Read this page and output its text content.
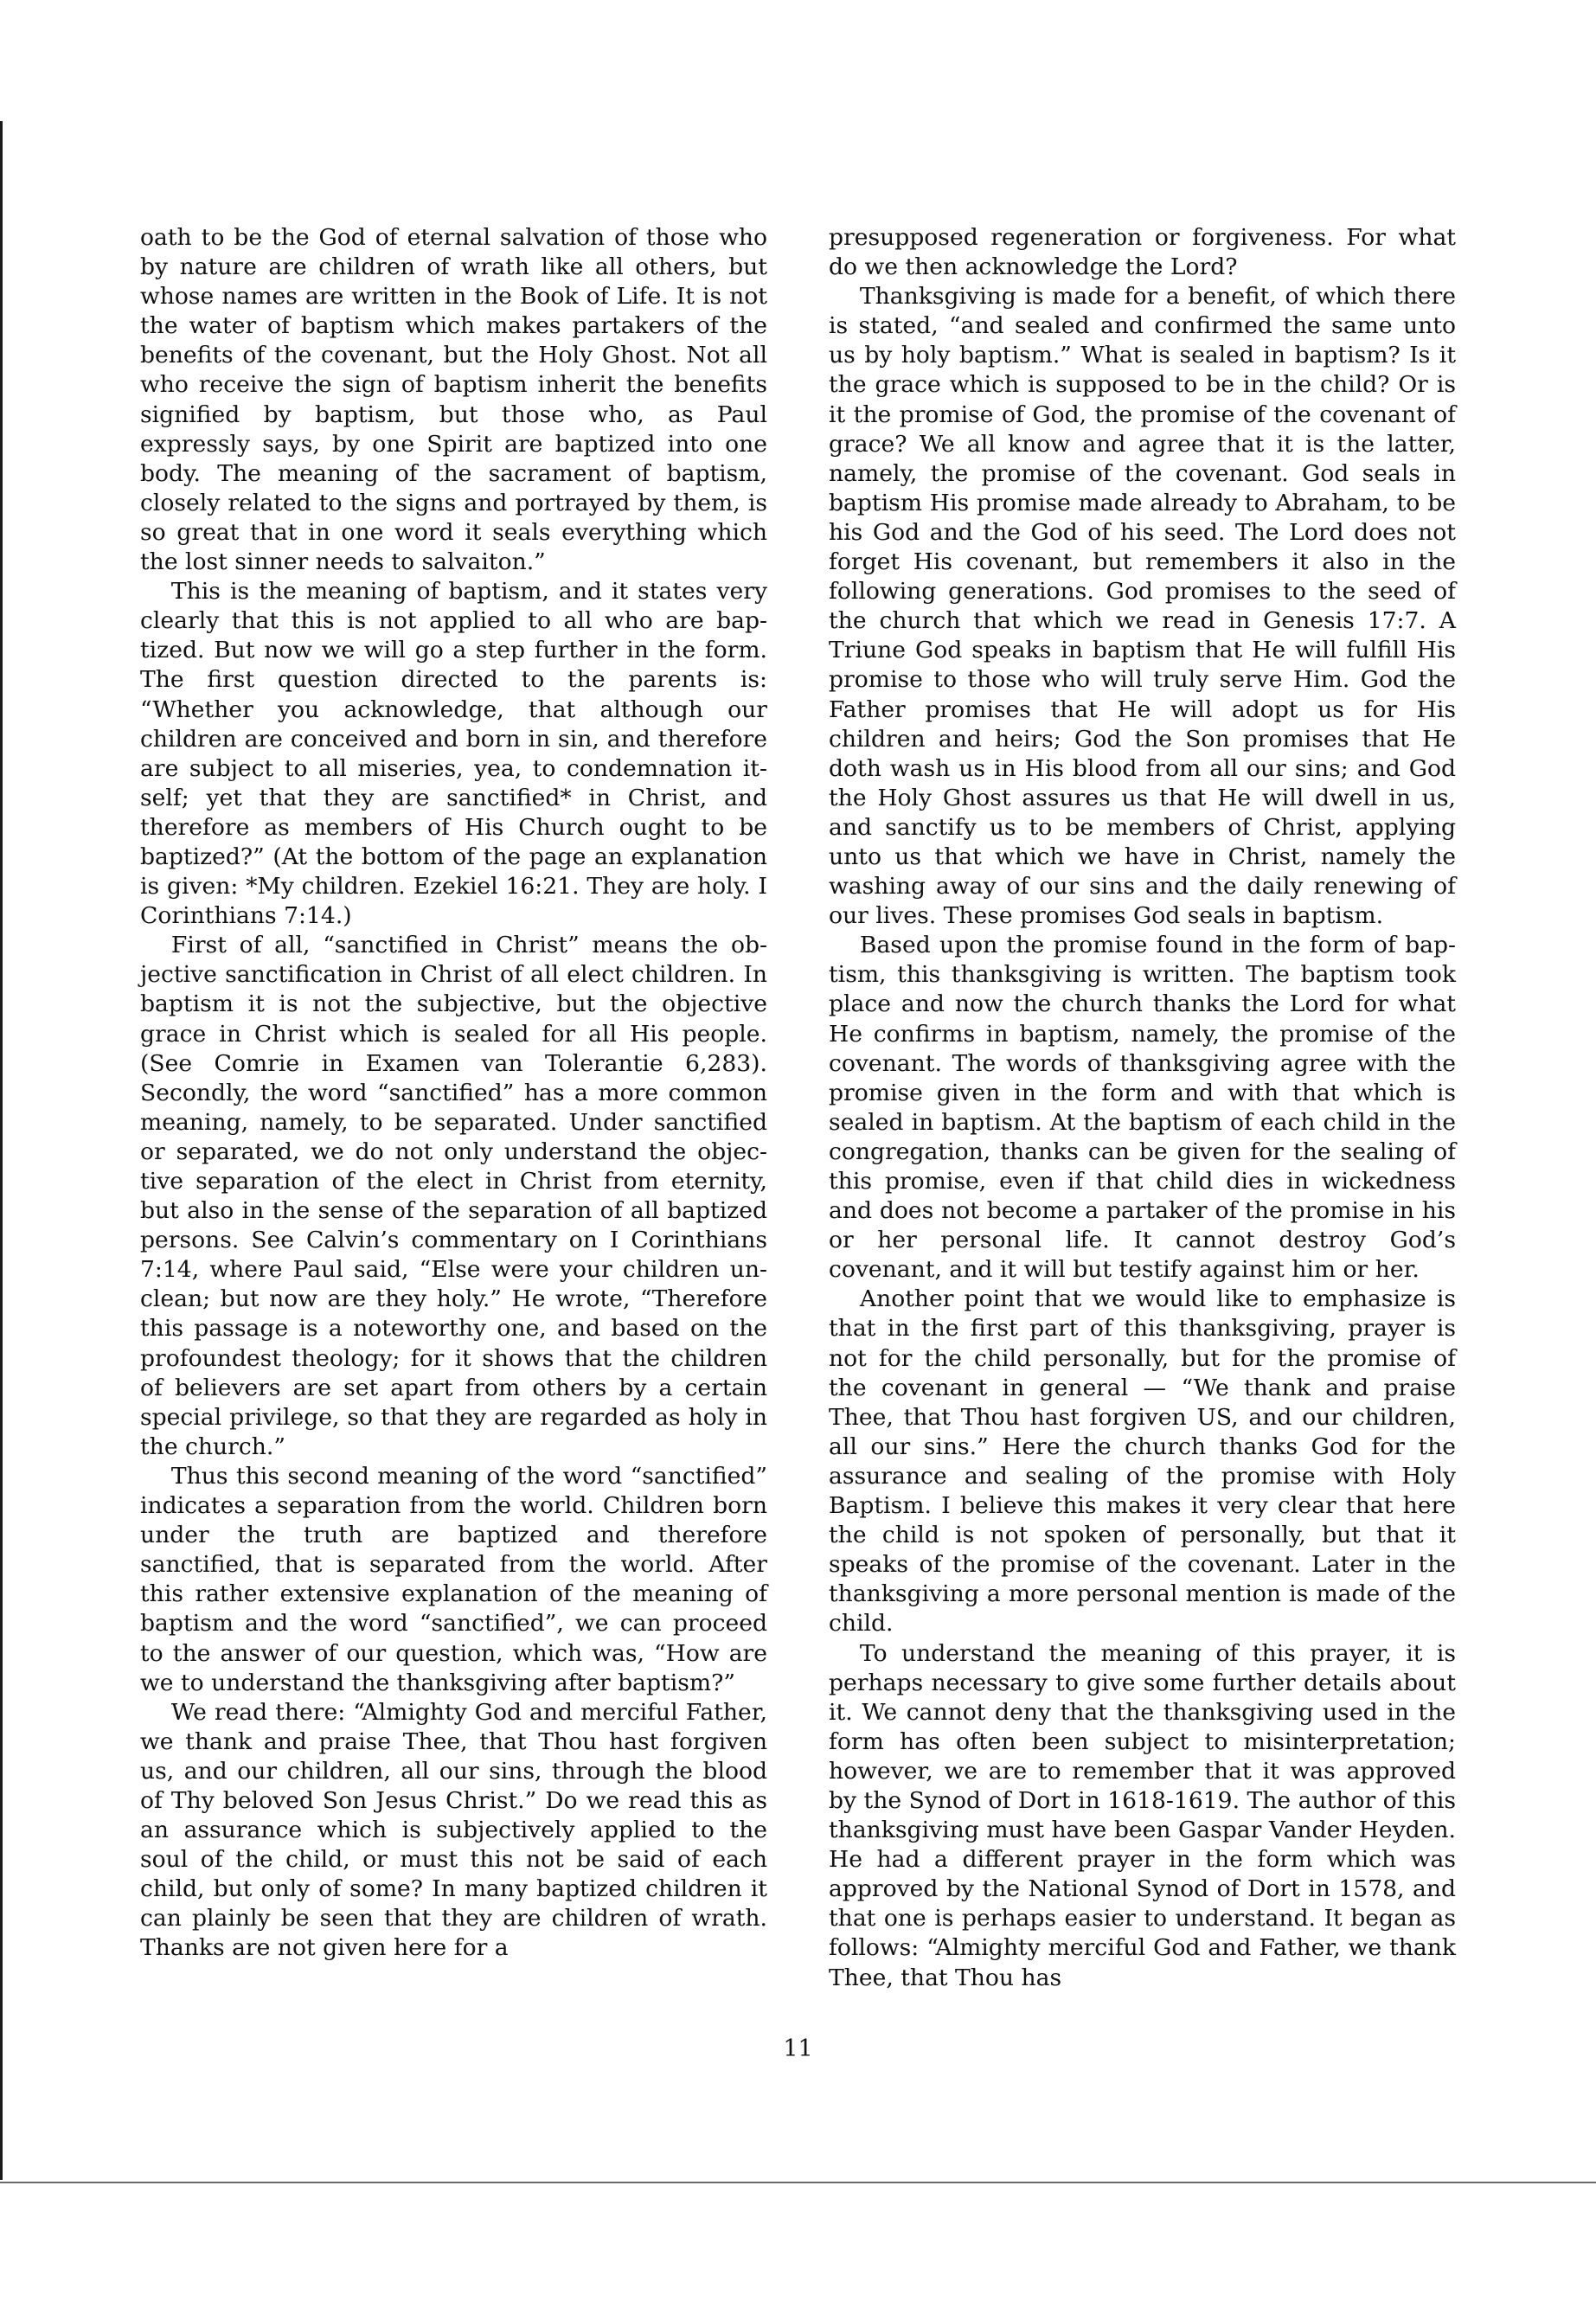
oath to be the God of eternal salvation of those who by nature are children of wrath like all others, but whose names are written in the Book of Life. It is not the water of baptism which makes partakers of the benefits of the covenant, but the Holy Ghost. Not all who receive the sign of baptism inherit the benefits signified by baptism, but those who, as Paul expressly says, by one Spirit are baptized into one body. The meaning of the sacrament of baptism, closely related to the signs and portrayed by them, is so great that in one word it seals everything which the lost sinner needs to salvaiton.”

This is the meaning of baptism, and it states very clearly that this is not applied to all who are baptized. But now we will go a step further in the form. The first question directed to the parents is: “Whether you acknowledge, that although our children are conceived and born in sin, and therefore are subject to all miseries, yea, to condemnation itself; yet that they are sanctified* in Christ, and therefore as members of His Church ought to be baptized?” (At the bottom of the page an explanation is given: *My children. Ezekiel 16:21. They are holy. I Corinthians 7:14.)

First of all, “sanctified in Christ” means the objective sanctification in Christ of all elect children. In baptism it is not the subjective, but the objective grace in Christ which is sealed for all His people. (See Comrie in Examen van Tolerantie 6,283). Secondly, the word “sanctified” has a more common meaning, namely, to be separated. Under sanctified or separated, we do not only understand the objective separation of the elect in Christ from eternity, but also in the sense of the separation of all baptized persons. See Calvin’s commentary on I Corinthians 7:14, where Paul said, “Else were your children unclean; but now are they holy.” He wrote, “Therefore this passage is a noteworthy one, and based on the profoundest theology; for it shows that the children of believers are set apart from others by a certain special privilege, so that they are regarded as holy in the church.”

Thus this second meaning of the word “sanctified” indicates a separation from the world. Children born under the truth are baptized and therefore sanctified, that is separated from the world. After this rather extensive explanation of the meaning of baptism and the word “sanctified”, we can proceed to the answer of our question, which was, “How are we to understand the thanksgiving after baptism?”

We read there: “Almighty God and merciful Father, we thank and praise Thee, that Thou hast forgiven us, and our children, all our sins, through the blood of Thy beloved Son Jesus Christ.” Do we read this as an assurance which is subjectively applied to the soul of the child, or must this not be said of each child, but only of some? In many baptized children it can plainly be seen that they are children of wrath. Thanks are not given here for a

presupposed regeneration or forgiveness. For what do we then acknowledge the Lord?

Thanksgiving is made for a benefit, of which there is stated, “and sealed and confirmed the same unto us by holy baptism.” What is sealed in baptism? Is it the grace which is supposed to be in the child? Or is it the promise of God, the promise of the covenant of grace? We all know and agree that it is the latter, namely, the promise of the covenant. God seals in baptism His promise made already to Abraham, to be his God and the God of his seed. The Lord does not forget His covenant, but remembers it also in the following generations. God promises to the seed of the church that which we read in Genesis 17:7. A Triune God speaks in baptism that He will fulfill His promise to those who will truly serve Him. God the Father promises that He will adopt us for His children and heirs; God the Son promises that He doth wash us in His blood from all our sins; and God the Holy Ghost assures us that He will dwell in us, and sanctify us to be members of Christ, applying unto us that which we have in Christ, namely the washing away of our sins and the daily renewing of our lives. These promises God seals in baptism.

Based upon the promise found in the form of baptism, this thanksgiving is written. The baptism took place and now the church thanks the Lord for what He confirms in baptism, namely, the promise of the covenant. The words of thanksgiving agree with the promise given in the form and with that which is sealed in baptism. At the baptism of each child in the congregation, thanks can be given for the sealing of this promise, even if that child dies in wickedness and does not become a partaker of the promise in his or her personal life. It cannot destroy God’s covenant, and it will but testify against him or her.

Another point that we would like to emphasize is that in the first part of this thanksgiving, prayer is not for the child personally, but for the promise of the covenant in general — “We thank and praise Thee, that Thou hast forgiven US, and our children, all our sins.” Here the church thanks God for the assurance and sealing of the promise with Holy Baptism. I believe this makes it very clear that here the child is not spoken of personally, but that it speaks of the promise of the covenant. Later in the thanksgiving a more personal mention is made of the child.

To understand the meaning of this prayer, it is perhaps necessary to give some further details about it. We cannot deny that the thanksgiving used in the form has often been subject to misinterpretation; however, we are to remember that it was approved by the Synod of Dort in 1618-1619. The author of this thanksgiving must have been Gaspar Vander Heyden. He had a different prayer in the form which was approved by the National Synod of Dort in 1578, and that one is perhaps easier to understand. It began as follows: “Almighty merciful God and Father, we thank Thee, that Thou has

11
